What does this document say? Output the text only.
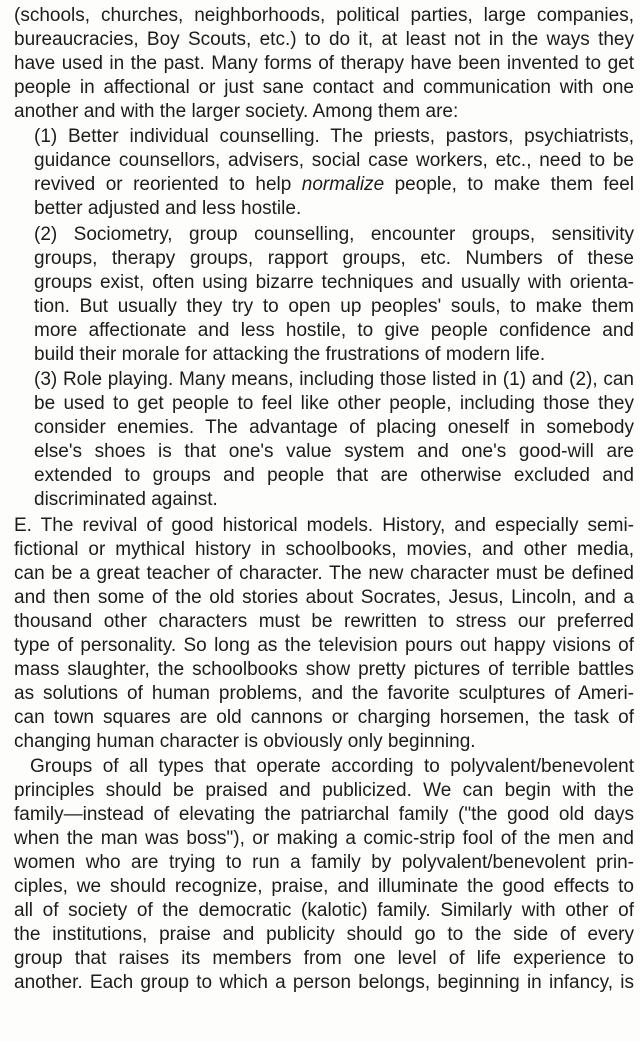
(schools, churches, neighborhoods, political parties, large companies,
bureaucracies, Boy Scouts, etc.) to do it, at least not in the ways they
have used in the past. Many forms of therapy have been invented to get
people in affectional or just sane contact and communication with one
another and with the larger society. Among them are:
(1) Better individual counselling. The priests, pastors, psychiatrists,
guidance counsellors, advisers, social case workers, etc., need to be
revived or reoriented to help normalize people, to make them feel
better adjusted and less hostile.
(2) Sociometry, group counselling, encounter groups, sensitivity
groups, therapy groups, rapport groups, etc. Numbers of these
groups exist, often using bizarre techniques and usually with orienta-
tion. But usually they try to open up peoples' souls, to make them
more affectionate and less hostile, to give people confidence and
build their morale for attacking the frustrations of modern life.
(3) Role playing. Many means, including those listed in (1) and (2), can
be used to get people to feel like other people, including those they
consider enemies. The advantage of placing oneself in somebody
else's shoes is that one's value system and one's good-will are
extended to groups and people that are otherwise excluded and
discriminated against.
E. The revival of good historical models. History, and especially semi-
fictional or mythical history in schoolbooks, movies, and other media,
can be a great teacher of character. The new character must be defined
and then some of the old stories about Socrates, Jesus, Lincoln, and a
thousand other characters must be rewritten to stress our preferred
type of personality. So long as the television pours out happy visions of
mass slaughter, the schoolbooks show pretty pictures of terrible battles
as solutions of human problems, and the favorite sculptures of Ameri-
can town squares are old cannons or charging horsemen, the task of
changing human character is obviously only beginning.
Groups of all types that operate according to polyvalent/benevolent
principles should be praised and publicized. We can begin with the
family—instead of elevating the patriarchal family ("the good old days
when the man was boss"), or making a comic-strip fool of the men and
women who are trying to run a family by polyvalent/benevolent prin-
ciples, we should recognize, praise, and illuminate the good effects to
all of society of the democratic (kalotic) family. Similarly with other of
the institutions, praise and publicity should go to the side of every
group that raises its members from one level of life experience to
another. Each group to which a person belongs, beginning in infancy, is
